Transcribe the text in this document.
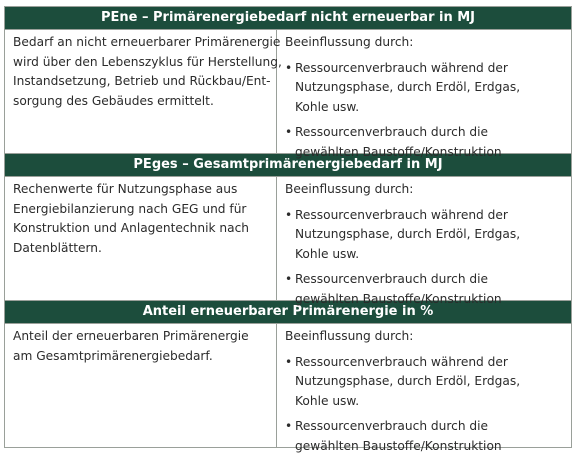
PEne – Primärenergiebedarf nicht erneuerbar in MJ
Bedarf an nicht erneuerbarer Primärenergie
wird über den Lebenszyklus für Herstellung,
Instandsetzung, Betrieb und Rückbau/Ent-
sorgung des Gebäudes ermittelt.
Beeinflussung durch:
• Ressourcenverbrauch während der
Nutzungsphase, durch Erdöl, Erdgas,
Kohle usw.
• Ressourcenverbrauch durch die
gewählten Baustoffe/Konstruktion
PEges – Gesamtprimärenergiebedarf in MJ
Rechenwerte für Nutzungsphase aus
Energiebilanzierung nach GEG und für
Konstruktion und Anlagentechnik nach
Datenblättern.
Beeinflussung durch:
• Ressourcenverbrauch während der
Nutzungsphase, durch Erdöl, Erdgas,
Kohle usw.
• Ressourcenverbrauch durch die
gewählten Baustoffe/Konstruktion
Anteil erneuerbarer Primärenergie in %
Anteil der erneuerbaren Primärenergie
am Gesamtprimärenergiebedarf.
Beeinflussung durch:
• Ressourcenverbrauch während der
Nutzungsphase, durch Erdöl, Erdgas,
Kohle usw.
• Ressourcenverbrauch durch die
gewählten Baustoffe/Konstruktion
